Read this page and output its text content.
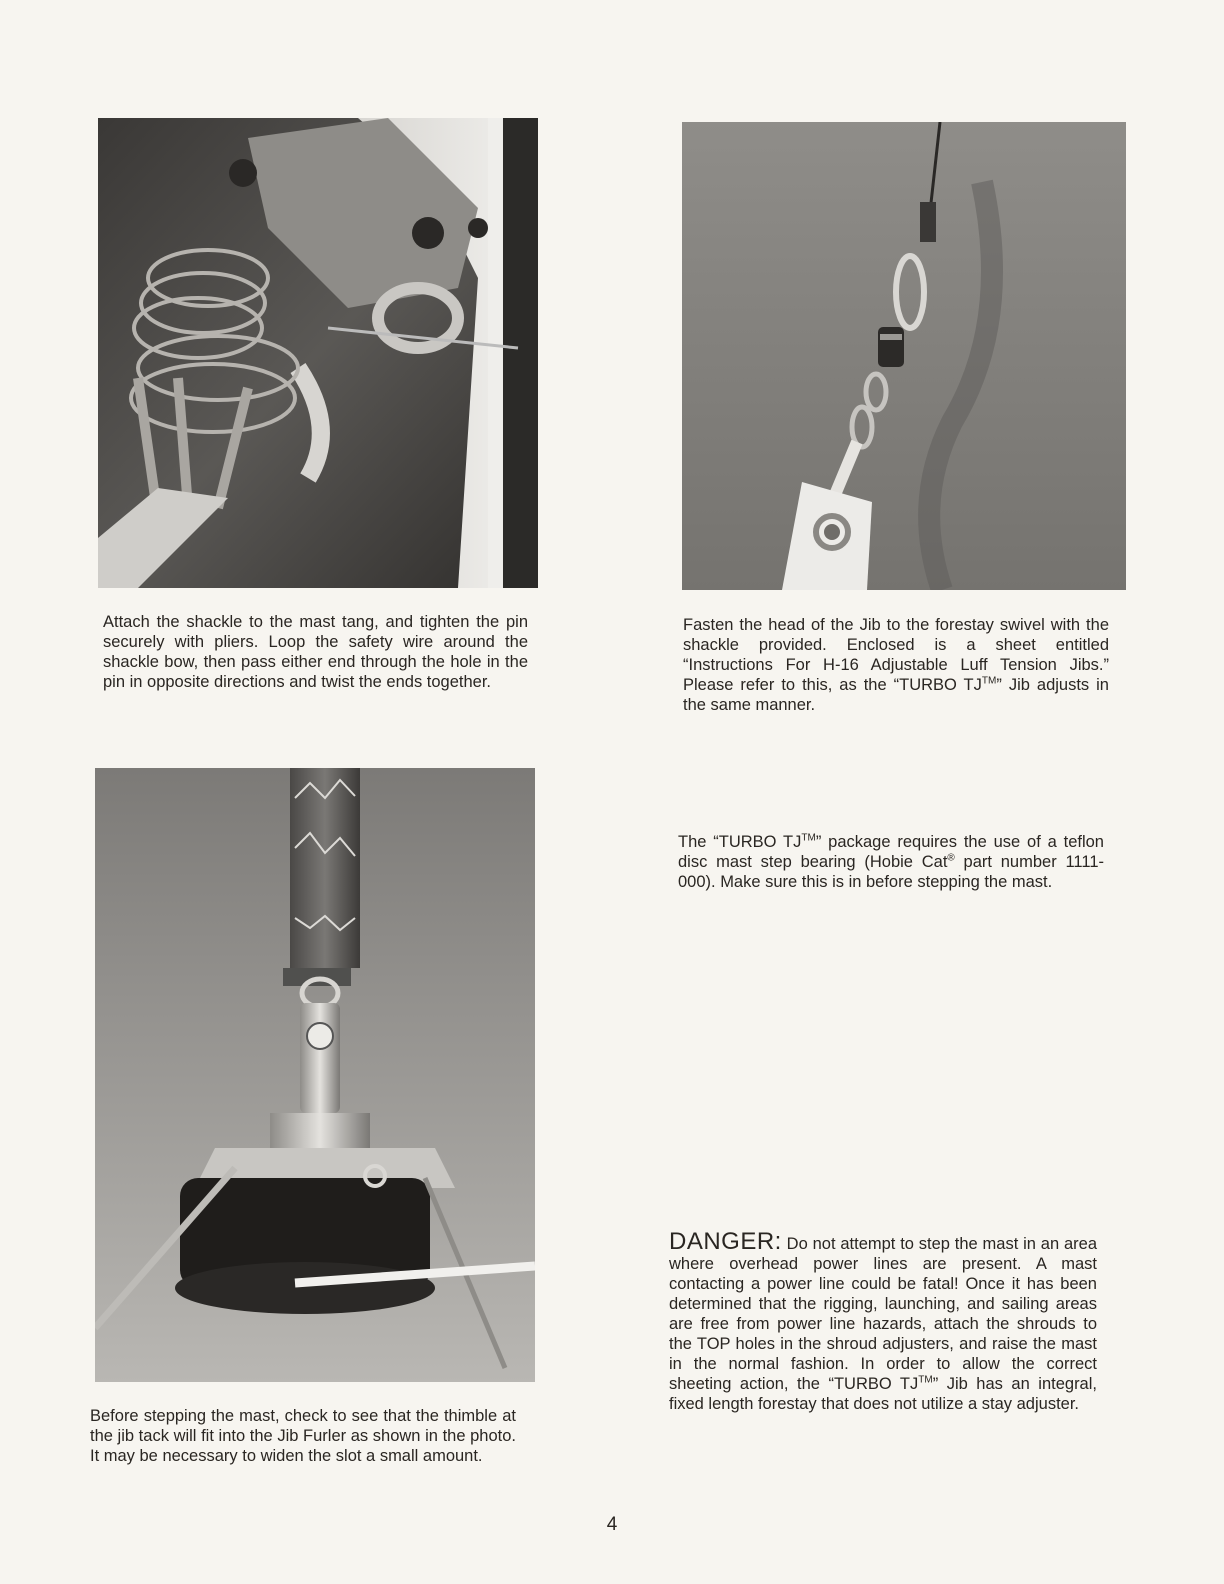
Attach the shackle to the mast tang, and tighten the pin securely with pliers. Loop the safety wire around the shackle bow, then pass either end through the hole in the pin in opposite directions and twist the ends together.

Fasten the head of the Jib to the forestay swivel with the shackle provided. Enclosed is a sheet entitled “Instructions For H-16 Adjustable Luff Tension Jibs.” Please refer to this, as the “TURBO TJ™” Jib adjusts in the same manner.

The “TURBO TJ™” package requires the use of a teflon disc mast step bearing (Hobie Cat® part number 1111-000). Make sure this is in before stepping the mast.

Before stepping the mast, check to see that the thimble at the jib tack will fit into the Jib Furler as shown in the photo. It may be necessary to widen the slot a small amount.

DANGER: Do not attempt to step the mast in an area where overhead power lines are present. A mast contacting a power line could be fatal! Once it has been determined that the rigging, launching, and sailing areas are free from power line hazards, attach the shrouds to the TOP holes in the shroud adjusters, and raise the mast in the normal fashion. In order to allow the correct sheeting action, the “TURBO TJ™” Jib has an integral, fixed length forestay that does not utilize a stay adjuster.

4
